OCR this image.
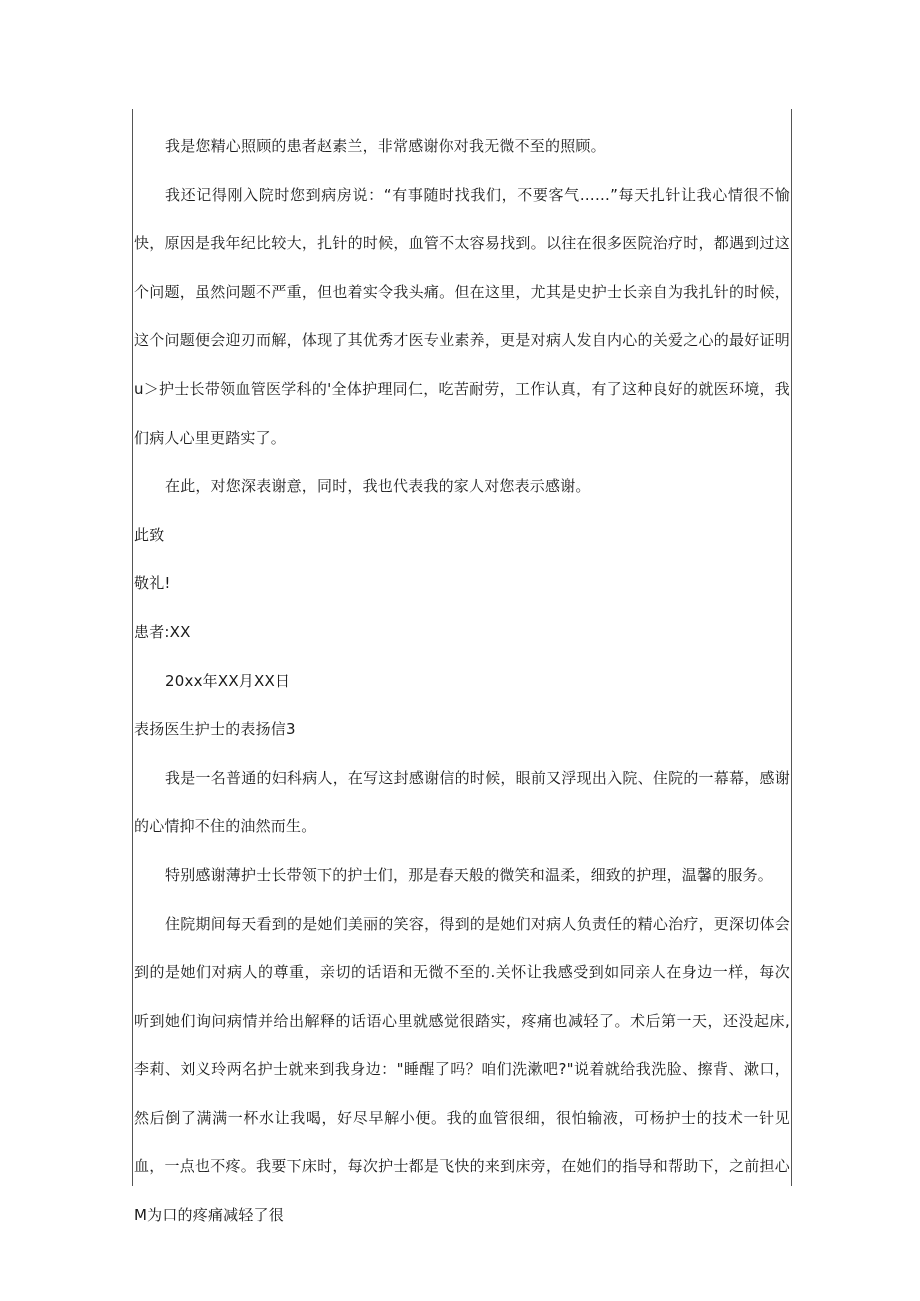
我是您精心照顾的患者赵素兰，非常感谢你对我无微不至的照顾。

我还记得刚入院时您到病房说：“有事随时找我们，不要客气……”每天扎针让我心情很不愉快，原因是我年纪比较大，扎针的时候，血管不太容易找到。以往在很多医院治疗时，都遇到过这个问题，虽然问题不严重，但也着实令我头痛。但在这里，尤其是史护士长亲自为我扎针的时候，这个问题便会迎刃而解，体现了其优秀才医专业素养，更是对病人发自内心的关爱之心的最好证明u＞护士长带领血管医学科的'全体护理同仁，吃苦耐劳，工作认真，有了这种良好的就医环境，我们病人心里更踏实了。

在此，对您深表谢意，同时，我也代表我的家人对您表示感谢。

此致

敬礼!

患者:XX

20xx年XX月XX日

表扬医生护士的表扬信3

我是一名普通的妇科病人，在写这封感谢信的时候，眼前又浮现出入院、住院的一幕幕，感谢的心情抑不住的油然而生。

特别感谢薄护士长带领下的护士们，那是春天般的微笑和温柔，细致的护理，温馨的服务。

住院期间每天看到的是她们美丽的笑容，得到的是她们对病人负责任的精心治疗，更深切体会到的是她们对病人的尊重，亲切的话语和无微不至的.关怀让我感受到如同亲人在身边一样，每次听到她们询问病情并给出解释的话语心里就感觉很踏实，疼痛也减轻了。术后第一天，还没起床,李莉、刘义玲两名护士就来到我身边："睡醒了吗？咱们洗漱吧?"说着就给我洗脸、擦背、漱口，然后倒了满满一杯水让我喝，好尽早解小便。我的血管很细，很怕输液，可杨护士的技术一针见血，一点也不疼。我要下床时，每次护士都是飞快的来到床旁，在她们的指导和帮助下，之前担心M为口的疼痛减轻了很
